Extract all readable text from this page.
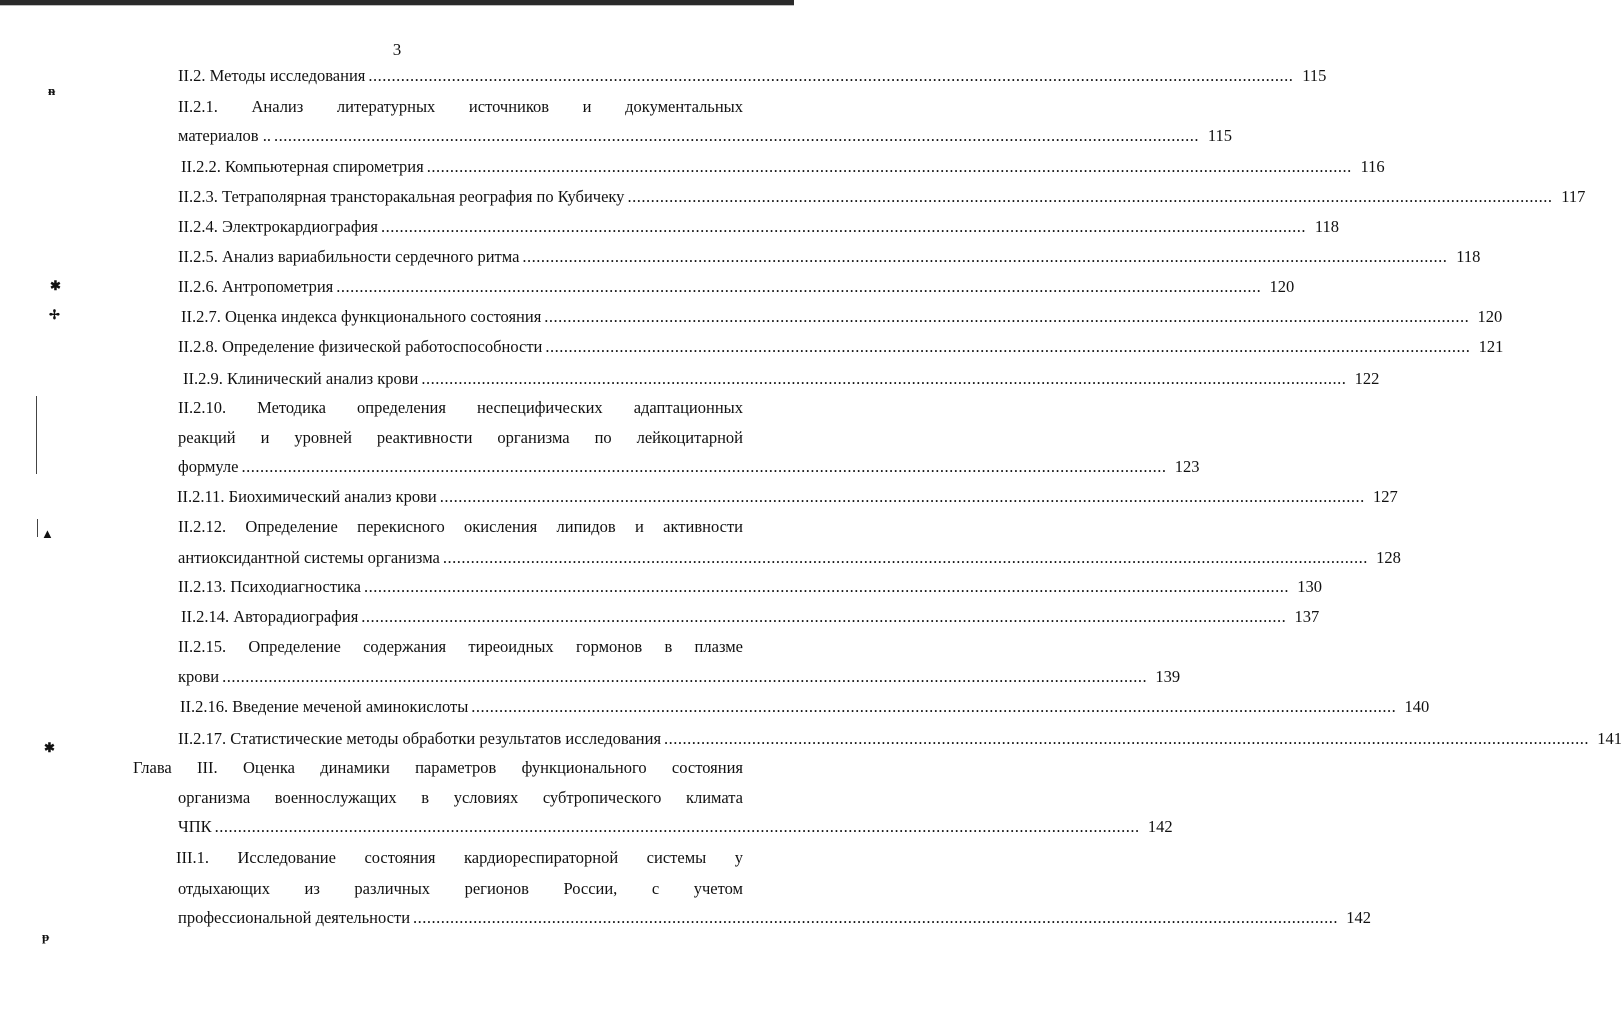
3
II.2. Методы исследования ........................................................................................................................................................................................................ 115
II.2.1. Анализ литературных источников и документальных
материалов .. ........................................................................................................................................................................................................ 115
II.2.2. Компьютерная спирометрия ........................................................................................................................................................................................................ 116
II.2.3. Тетраполярная трансторакальная реография по Кубичеку ........................................................................................................................................................................................................ 117
II.2.4. Электрокардиография ........................................................................................................................................................................................................ 118
II.2.5. Анализ вариабильности сердечного ритма ........................................................................................................................................................................................................ 118
II.2.6. Антропометрия ........................................................................................................................................................................................................ 120
II.2.7. Оценка индекса функционального состояния ........................................................................................................................................................................................................ 120
II.2.8. Определение физической работоспособности ........................................................................................................................................................................................................ 121
II.2.9. Клинический анализ крови ........................................................................................................................................................................................................ 122
II.2.10. Методика определения неспецифических адаптационных
реакций и уровней реактивности организма по лейкоцитарной
формуле ........................................................................................................................................................................................................ 123
II.2.11. Биохимический анализ крови ........................................................................................................................................................................................................ 127
II.2.12. Определение перекисного окисления липидов и активности
антиоксидантной системы организма ........................................................................................................................................................................................................ 128
II.2.13. Психодиагностика ........................................................................................................................................................................................................ 130
II.2.14. Авторадиография ........................................................................................................................................................................................................ 137
II.2.15. Определение содержания тиреоидных гормонов в плазме
крови ........................................................................................................................................................................................................ 139
II.2.16. Введение меченой аминокислоты ........................................................................................................................................................................................................ 140
II.2.17. Статистические методы обработки результатов исследования ........................................................................................................................................................................................................ 141
Глава III. Оценка динамики параметров функционального состояния
организма военнослужащих в условиях субтропического климата
ЧПК ........................................................................................................................................................................................................ 142
III.1. Исследование состояния кардиореспираторной системы у
отдыхающих из различных регионов России, с учетом
профессиональной деятельности ........................................................................................................................................................................................................ 142
ᵰ
✱
✢
▲
✱
ᵽ
